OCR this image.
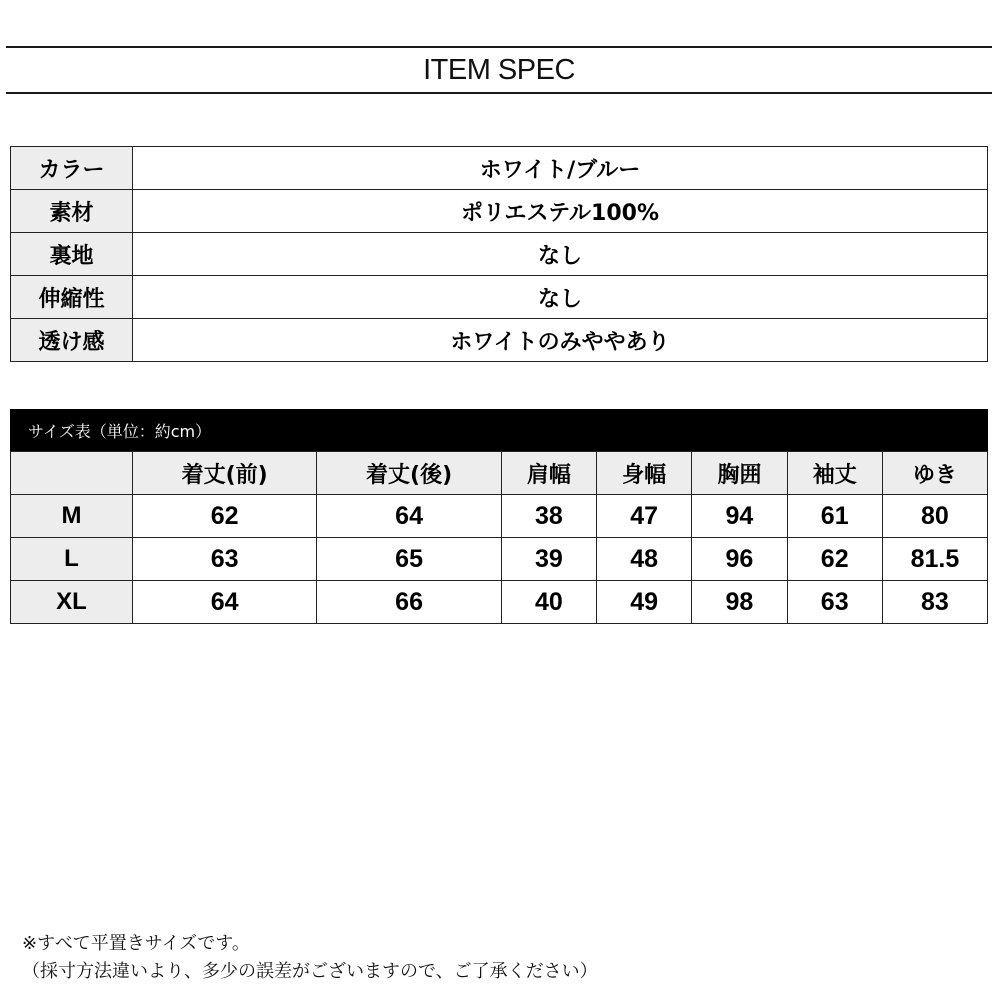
ITEM SPEC
カラー	ホワイト/ブルー
素材	ポリエステル100%
裏地	なし
伸縮性	なし
透け感	ホワイトのみややあり
サイズ表（単位：約cm）
	着丈(前)	着丈(後)	肩幅	身幅	胸囲	袖丈	ゆき
M	62	64	38	47	94	61	80
L	63	65	39	48	96	62	81.5
XL	64	66	40	49	98	63	83
※すべて平置きサイズです。
（採寸方法違いより、多少の誤差がございますので、ご了承ください）
